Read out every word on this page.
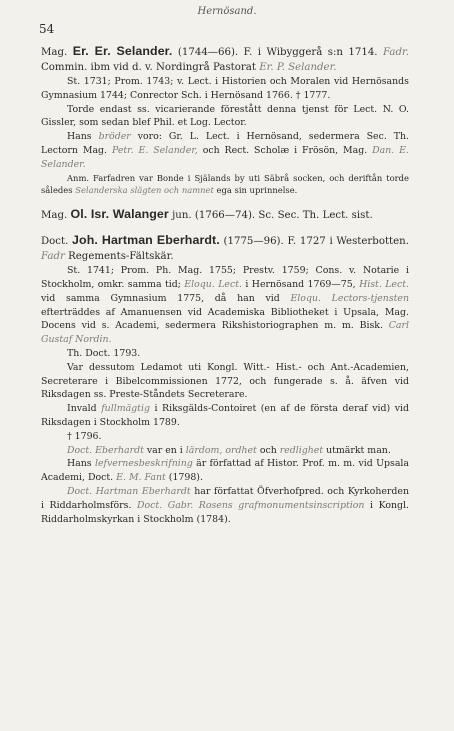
Hernösand.
54

Mag. Er. Er. Selander. (1744—66). F. i Wibyggerå s:n 1714. Fadr. Commin. ibm vid d. v. Nordingrå Pastorat Er. P. Selander.

St. 1731; Prom. 1743; v. Lect. i Historien och Moralen vid Hernösands Gymnasium 1744; Conrector Sch. i Hernösand 1766. † 1777.

Torde endast ss. vicarierande förestått denna tjenst för Lect. N. O. Gissler, som sedan blef Phil. et Log. Lector.

Hans bröder voro: Gr. L. Lect. i Hernösand, sedermera Sec. Th. Lectorn Mag. Petr. E. Selander, och Rect. Scholæ i Frösön, Mag. Dan. E. Selander.

Anm. Farfadren var Bonde i Själands by uti Säbrå socken, och deriftån torde således Selanderska slägten och namnet ega sin uprinnelse.

Mag. Ol. Isr. Walanger jun. (1766—74). Sc. Sec. Th. Lect. sist.

Doct. Joh. Hartman Eberhardt. (1775—96). F. 1727 i Westerbotten. Fadr Regements-Fältskär.

St. 1741; Prom. Ph. Mag. 1755; Prestv. 1759; Cons. v. Notarie i Stockholm, omkr. samma tid; Eloqu. Lect. i Hernösand 1769—75, Hist. Lect. vid samma Gymnasium 1775, då han vid Eloqu. Lectors-tjensten efterträddes af Amanuensen vid Academiska Bibliotheket i Upsala, Mag. Docens vid s. Academi, sedermera Rikshistoriographen m. m. Bisk. Carl Gustaf Nordin.

Th. Doct. 1793.

Var dessutom Ledamot uti Kongl. Witt.- Hist.- och Ant.-Academien, Secreterare i Bibelcommissionen 1772, och fungerade s. å. äfven vid Riksdagen ss. Preste-Ståndets Secreterare.

Invald fullmägtig i Riksgälds-Contoiret (en af de första deraf vid) vid Riksdagen i Stockholm 1789.

† 1796.

Doct. Eberhardt var en i lärdom, ordhet och redlighet utmärkt man.

Hans lefvernesbeskrifning är författad af Histor. Prof. m. m. vid Upsala Academi, Doct. E. M. Fant (1798).

Doct. Hartman Eberhardt har författat Öfverhofpred. och Kyrkoherden i Riddarholmsförs. Doct. Gabr. Rosens grafmonumentsinscription i Kongl. Riddarholmskyrkan i Stockholm (1784).
